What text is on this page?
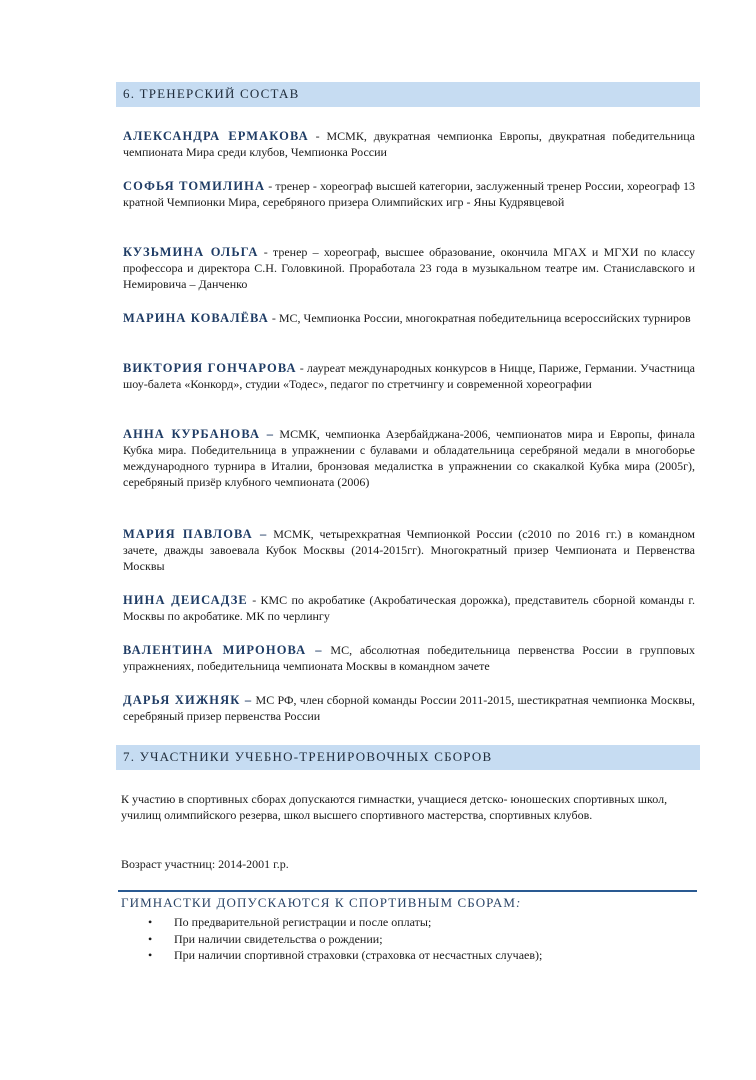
6. ТРЕНЕРСКИЙ СОСТАВ
АЛЕКСАНДРА ЕРМАКОВА - МСМК, двукратная чемпионка Европы, двукратная победительница чемпионата Мира среди клубов, Чемпионка России
СОФЬЯ ТОМИЛИНА - тренер - хореограф высшей категории, заслуженный тренер России, хореограф 13 кратной Чемпионки Мира, серебряного призера Олимпийских игр - Яны Кудрявцевой
КУЗЬМИНА ОЛЬГА - тренер – хореограф, высшее образование, окончила МГАХ и МГХИ по классу профессора и директора С.Н. Головкиной. Проработала 23 года в музыкальном театре им. Станиславского и Немировича – Данченко
МАРИНА КОВАЛЁВА - МС, Чемпионка России, многократная победительница всероссийских турниров
ВИКТОРИЯ ГОНЧАРОВА - лауреат международных конкурсов в Ницце, Париже, Германии. Участница шоу-балета «Конкорд», студии «Тодес», педагог по стретчингу и современной хореографии
АННА КУРБАНОВА – МСМК, чемпионка Азербайджана-2006, чемпионатов мира и Европы, финала Кубка мира. Победительница в упражнении с булавами и обладательница серебряной медали в многоборье международного турнира в Италии, бронзовая медалистка в упражнении со скакалкой Кубка мира (2005г), серебряный призёр клубного чемпионата (2006)
МАРИЯ ПАВЛОВА – МСМК, четырехкратная Чемпионкой России (с2010 по 2016 гг.) в командном зачете, дважды завоевала Кубок Москвы (2014-2015гг). Многократный призер Чемпионата и Первенства Москвы
НИНА ДЕИСАДЗЕ - КМС по акробатике (Акробатическая дорожка), представитель сборной команды г. Москвы по акробатике. МК по черлингу
ВАЛЕНТИНА МИРОНОВА – МС, абсолютная победительница первенства России в групповых упражнениях, победительница чемпионата Москвы в командном зачете
ДАРЬЯ ХИЖНЯК – МС РФ, член сборной команды России 2011-2015, шестикратная чемпионка Москвы, серебряный призер первенства России
7. УЧАСТНИКИ УЧЕБНО-ТРЕНИРОВОЧНЫХ СБОРОВ
К участию в спортивных сборах допускаются гимнастки, учащиеся детско- юношеских спортивных школ, училищ олимпийского резерва, школ высшего спортивного мастерства, спортивных клубов.
Возраст участниц: 2014-2001 г.р.
ГИМНАСТКИ ДОПУСКАЮТСЯ К СПОРТИВНЫМ СБОРАМ:
• По предварительной регистрации и после оплаты;
• При наличии свидетельства о рождении;
• При наличии спортивной страховки (страховка от несчастных случаев);
